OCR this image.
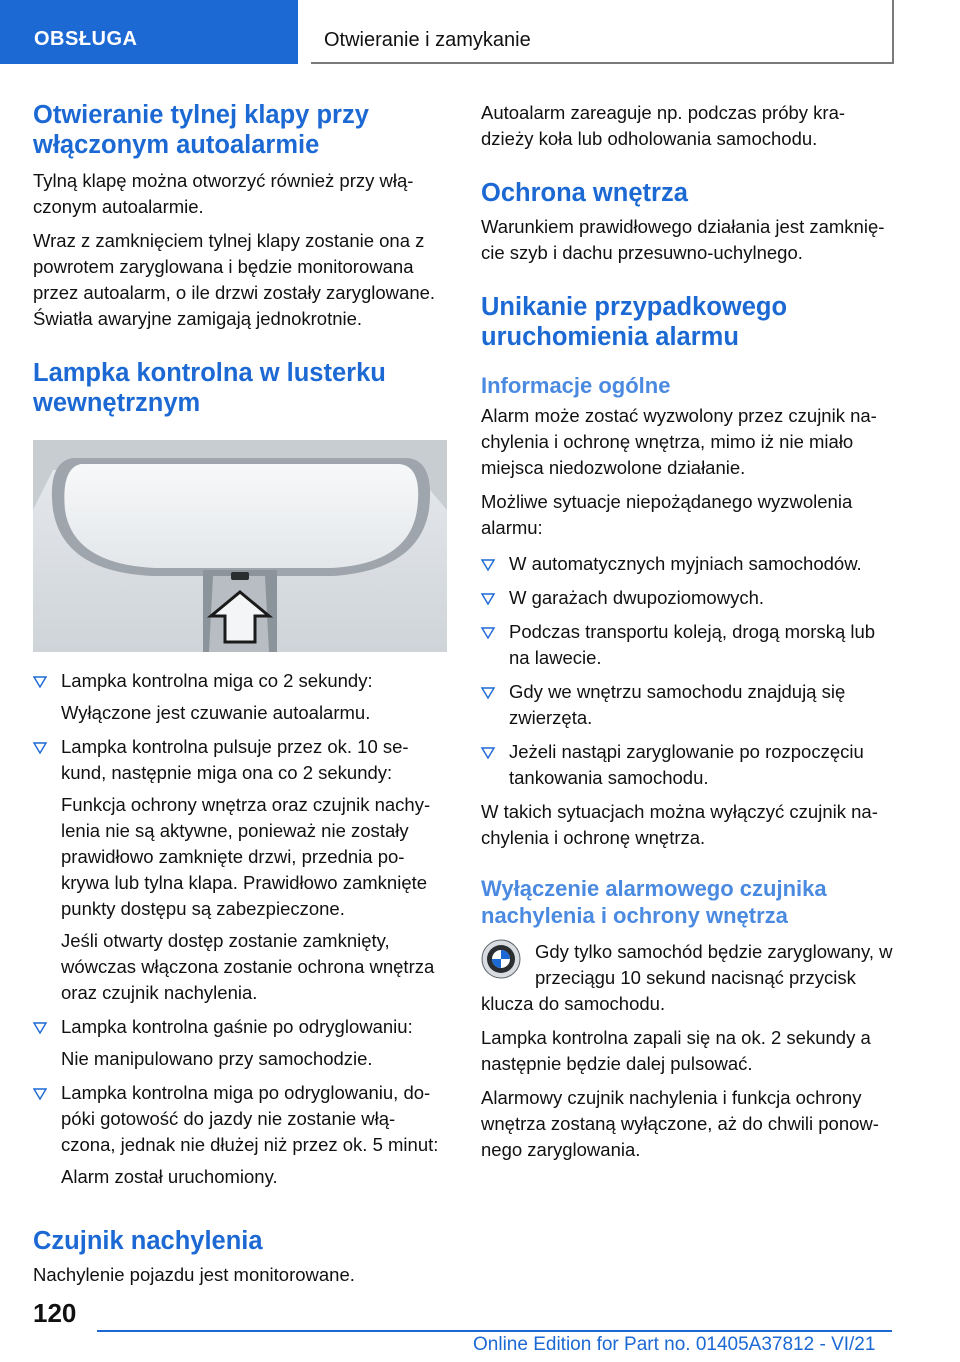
OBSŁUGA	Otwieranie i zamykanie
Otwieranie tylnej klapy przy włączonym autoalarmie

Tylną klapę można otworzyć również przy włą-czonym autoalarmie.

Wraz z zamknięciem tylnej klapy zostanie ona z powrotem zaryglowana i będzie monitorowana przez autoalarm, o ile drzwi zostały zaryglowane. Światła awaryjne zamigają jednokrotnie.

Lampka kontrolna w lusterku wewnętrznym

Lampka kontrolna miga co 2 sekundy:

Wyłączone jest czuwanie autoalarmu.

Lampka kontrolna pulsuje przez ok. 10 se-kund, następnie miga ona co 2 sekundy:

Funkcja ochrony wnętrza oraz czujnik nachy-lenia nie są aktywne, ponieważ nie zostały prawidłowo zamknięte drzwi, przednia po-krywa lub tylna klapa. Prawidłowo zamknięte punkty dostępu są zabezpieczone.

Jeśli otwarty dostęp zostanie zamknięty, wówczas włączona zostanie ochrona wnętrza oraz czujnik nachylenia.

Lampka kontrolna gaśnie po odryglowaniu:

Nie manipulowano przy samochodzie.

Lampka kontrolna miga po odryglowaniu, do-póki gotowość do jazdy nie zostanie włą-czona, jednak nie dłużej niż przez ok. 5 minut:

Alarm został uruchomiony.

Czujnik nachylenia

Nachylenie pojazdu jest monitorowane.

Autoalarm zareaguje np. podczas próby kra-dzieży koła lub odholowania samochodu.

Ochrona wnętrza

Warunkiem prawidłowego działania jest zamknię-cie szyb i dachu przesuwno-uchylnego.

Unikanie przypadkowego uruchomienia alarmu
Informacje ogólne

Alarm może zostać wyzwolony przez czujnik na-chylenia i ochronę wnętrza, mimo iż nie miało miejsca niedozwolone działanie.

Możliwe sytuacje niepożądanego wyzwolenia alarmu:

W automatycznych myjniach samochodów.

W garażach dwupoziomowych.

Podczas transportu koleją, drogą morską lub na lawecie.

Gdy we wnętrzu samochodu znajdują się zwierzęta.

Jeżeli nastąpi zaryglowanie po rozpoczęciu tankowania samochodu.

W takich sytuacjach można wyłączyć czujnik na-chylenia i ochronę wnętrza.

Wyłączenie alarmowego czujnika nachylenia i ochrony wnętrza

Gdy tylko samochód będzie zaryglowany, w przeciągu 10 sekund nacisnąć przycisk klucza do samochodu.

Lampka kontrolna zapali się na ok. 2 sekundy a następnie będzie dalej pulsować.

Alarmowy czujnik nachylenia i funkcja ochrony wnętrza zostaną wyłączone, aż do chwili ponow-nego zaryglowania.

120
Online Edition for Part no. 01405A37812 - VI/21
